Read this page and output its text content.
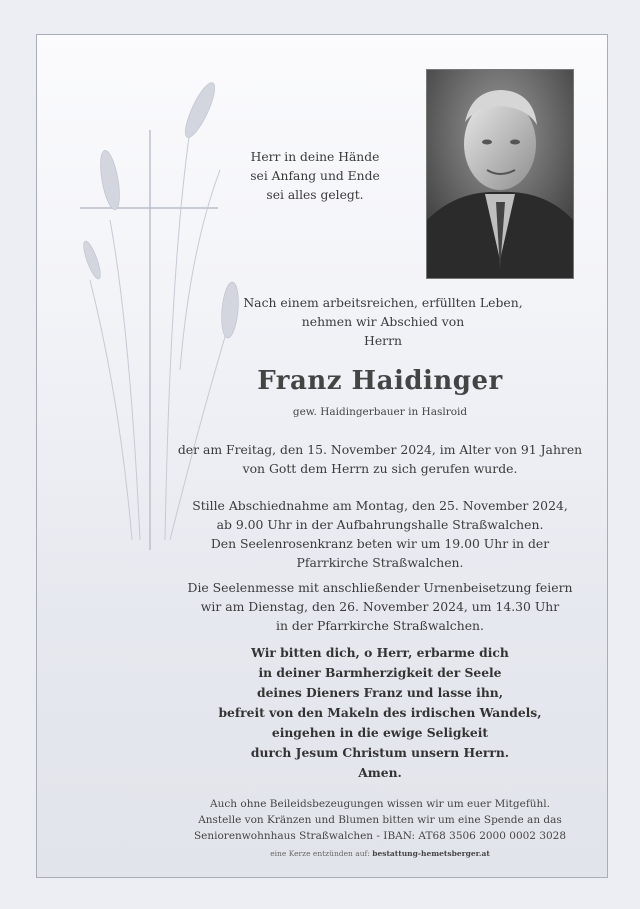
Herr in deine Hände
sei Anfang und Ende
sei alles gelegt.
Nach einem arbeitsreichen, erfüllten Leben,
nehmen wir Abschied von
Herrn
Franz Haidinger
gew. Haidingerbauer in Haslroid
der am Freitag, den 15. November 2024, im Alter von 91 Jahren
von Gott dem Herrn zu sich gerufen wurde.
Stille Abschiednahme am Montag, den 25. November 2024,
ab 9.00 Uhr in der Aufbahrungshalle Straßwalchen.
Den Seelenrosenkranz beten wir um 19.00 Uhr in der
Pfarrkirche Straßwalchen.
Die Seelenmesse mit anschließender Urnenbeisetzung feiern
wir am Dienstag, den 26. November 2024, um 14.30 Uhr
in der Pfarrkirche Straßwalchen.
Wir bitten dich, o Herr, erbarme dich
in deiner Barmherzigkeit der Seele
deines Dieners Franz und lasse ihn,
befreit von den Makeln des irdischen Wandels,
eingehen in die ewige Seligkeit
durch Jesum Christum unsern Herrn.
Amen.
Auch ohne Beileidsbezeugungen wissen wir um euer Mitgefühl.
Anstelle von Kränzen und Blumen bitten wir um eine Spende an das
Seniorenwohnhaus Straßwalchen - IBAN: AT68 3506 2000 0002 3028
eine Kerze entzünden auf: bestattung-hemetsberger.at
